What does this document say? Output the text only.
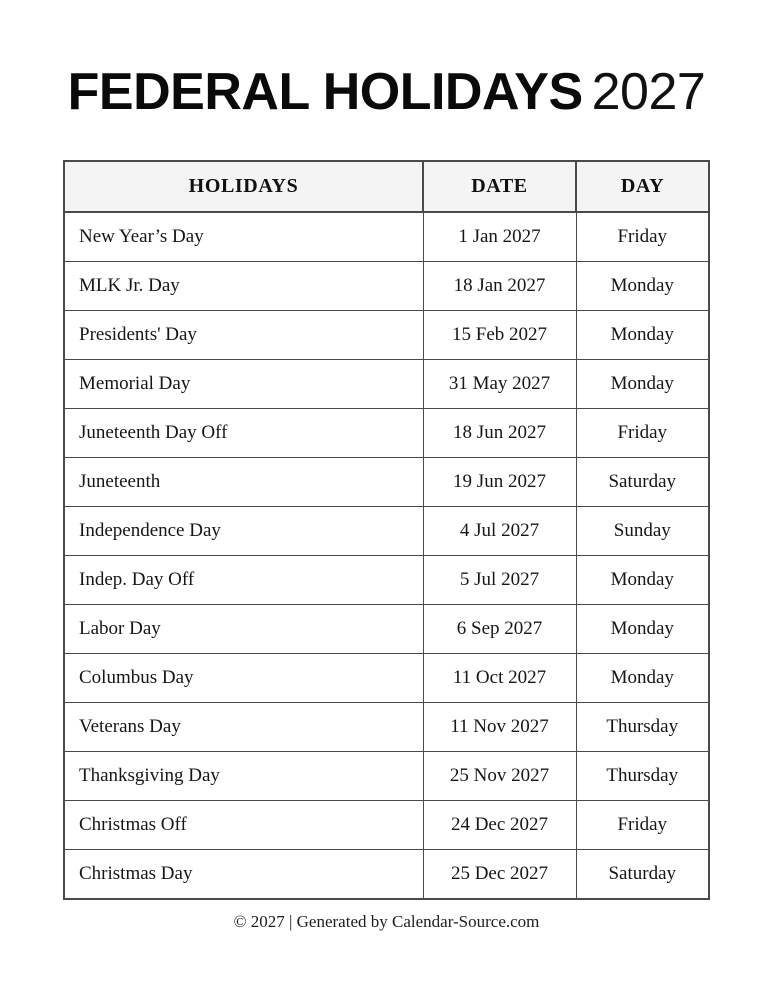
FEDERAL HOLIDAYS 2027
HOLIDAYS	DATE	DAY
New Year’s Day	1 Jan 2027	Friday
MLK Jr. Day	18 Jan 2027	Monday
Presidents' Day	15 Feb 2027	Monday
Memorial Day	31 May 2027	Monday
Juneteenth Day Off	18 Jun 2027	Friday
Juneteenth	19 Jun 2027	Saturday
Independence Day	4 Jul 2027	Sunday
Indep. Day Off	5 Jul 2027	Monday
Labor Day	6 Sep 2027	Monday
Columbus Day	11 Oct 2027	Monday
Veterans Day	11 Nov 2027	Thursday
Thanksgiving Day	25 Nov 2027	Thursday
Christmas Off	24 Dec 2027	Friday
Christmas Day	25 Dec 2027	Saturday
© 2027 | Generated by Calendar-Source.com
